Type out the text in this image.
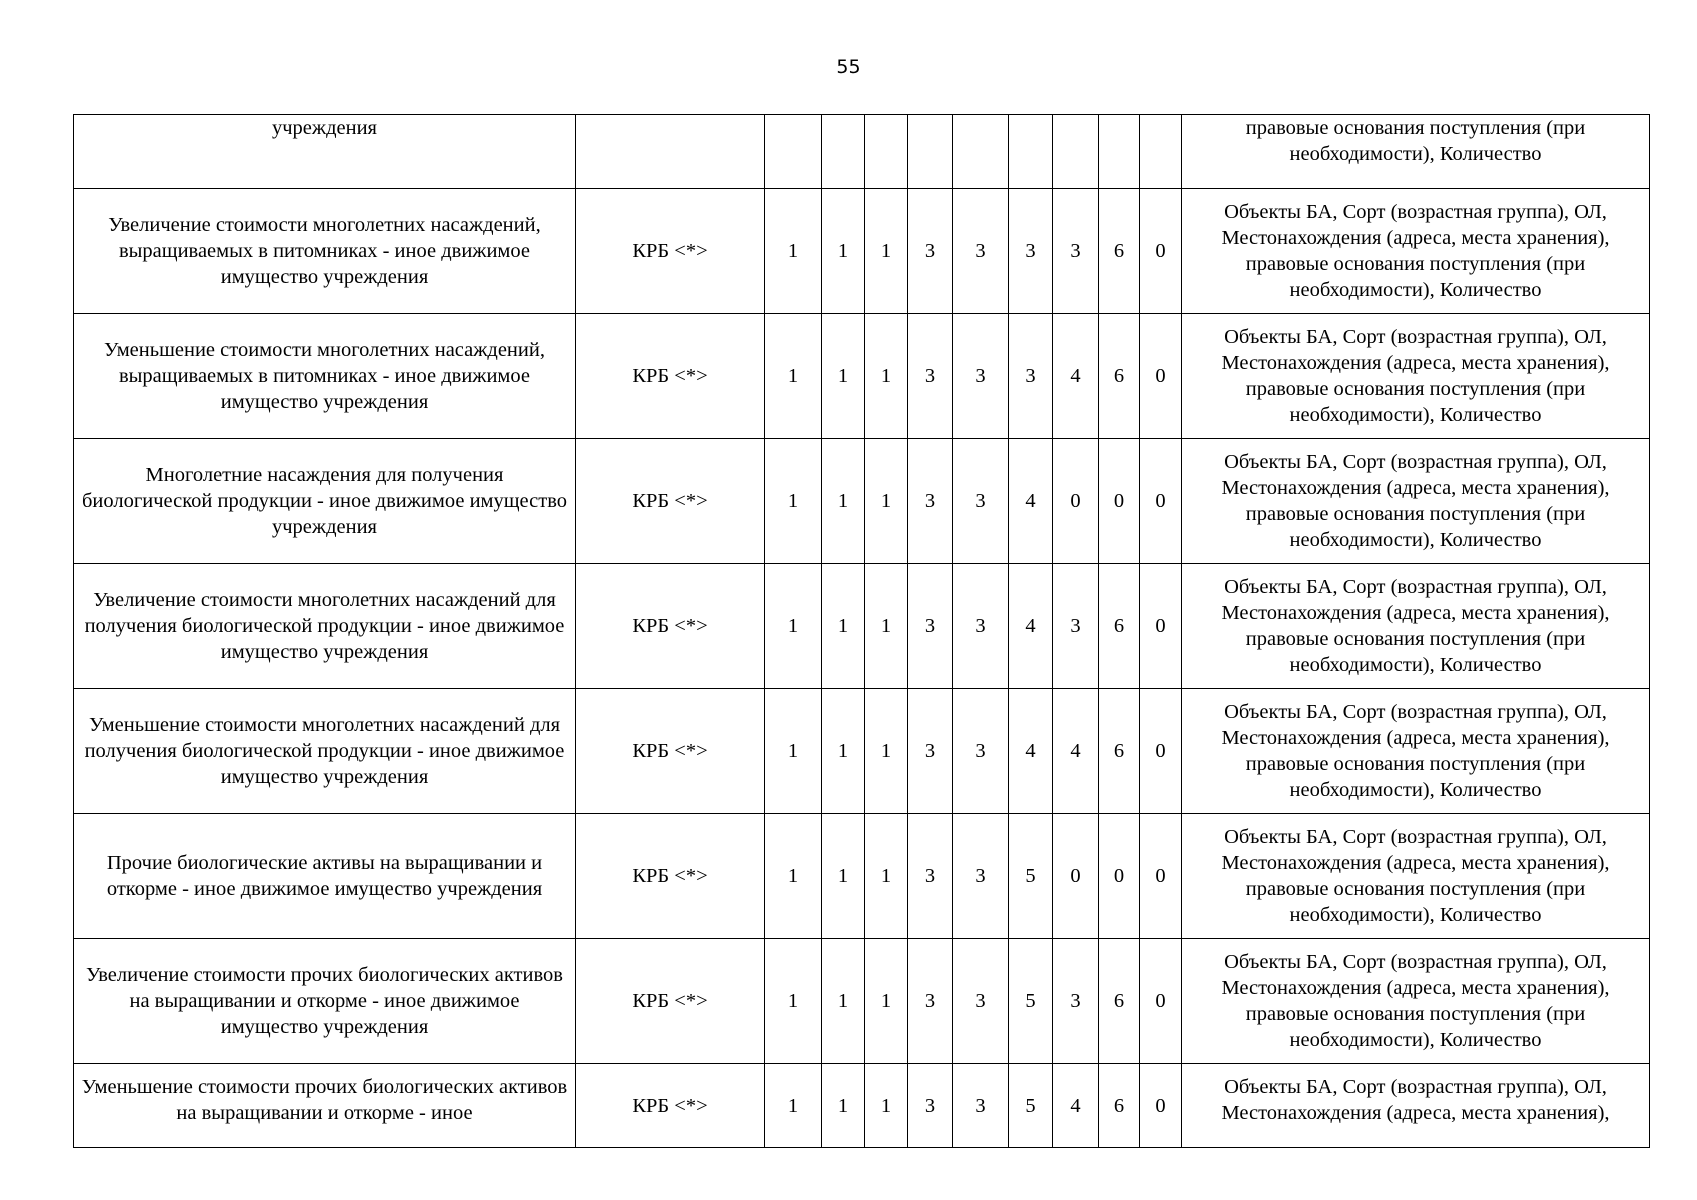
55
учреждения											правовые основания поступления (при необходимости), Количество
Увеличение стоимости многолетних насаждений, выращиваемых в питомниках - иное движимое имущество учреждения	КРБ <*>	1	1	1	3	3	3	3	6	0	Объекты БА, Сорт (возрастная группа), ОЛ, Местонахождения (адреса, места хранения), правовые основания поступления (при необходимости), Количество
Уменьшение стоимости многолетних насаждений, выращиваемых в питомниках - иное движимое имущество учреждения	КРБ <*>	1	1	1	3	3	3	4	6	0	Объекты БА, Сорт (возрастная группа), ОЛ, Местонахождения (адреса, места хранения), правовые основания поступления (при необходимости), Количество
Многолетние насаждения для получения биологической продукции - иное движимое имущество учреждения	КРБ <*>	1	1	1	3	3	4	0	0	0	Объекты БА, Сорт (возрастная группа), ОЛ, Местонахождения (адреса, места хранения), правовые основания поступления (при необходимости), Количество
Увеличение стоимости многолетних насаждений для получения биологической продукции - иное движимое имущество учреждения	КРБ <*>	1	1	1	3	3	4	3	6	0	Объекты БА, Сорт (возрастная группа), ОЛ, Местонахождения (адреса, места хранения), правовые основания поступления (при необходимости), Количество
Уменьшение стоимости многолетних насаждений для получения биологической продукции - иное движимое имущество учреждения	КРБ <*>	1	1	1	3	3	4	4	6	0	Объекты БА, Сорт (возрастная группа), ОЛ, Местонахождения (адреса, места хранения), правовые основания поступления (при необходимости), Количество
Прочие биологические активы на выращивании и откорме - иное движимое имущество учреждения	КРБ <*>	1	1	1	3	3	5	0	0	0	Объекты БА, Сорт (возрастная группа), ОЛ, Местонахождения (адреса, места хранения), правовые основания поступления (при необходимости), Количество
Увеличение стоимости прочих биологических активов на выращивании и откорме - иное движимое имущество учреждения	КРБ <*>	1	1	1	3	3	5	3	6	0	Объекты БА, Сорт (возрастная группа), ОЛ, Местонахождения (адреса, места хранения), правовые основания поступления (при необходимости), Количество
Уменьшение стоимости прочих биологических активов на выращивании и откорме - иное	КРБ <*>	1	1	1	3	3	5	4	6	0	Объекты БА, Сорт (возрастная группа), ОЛ, Местонахождения (адреса, места хранения),
